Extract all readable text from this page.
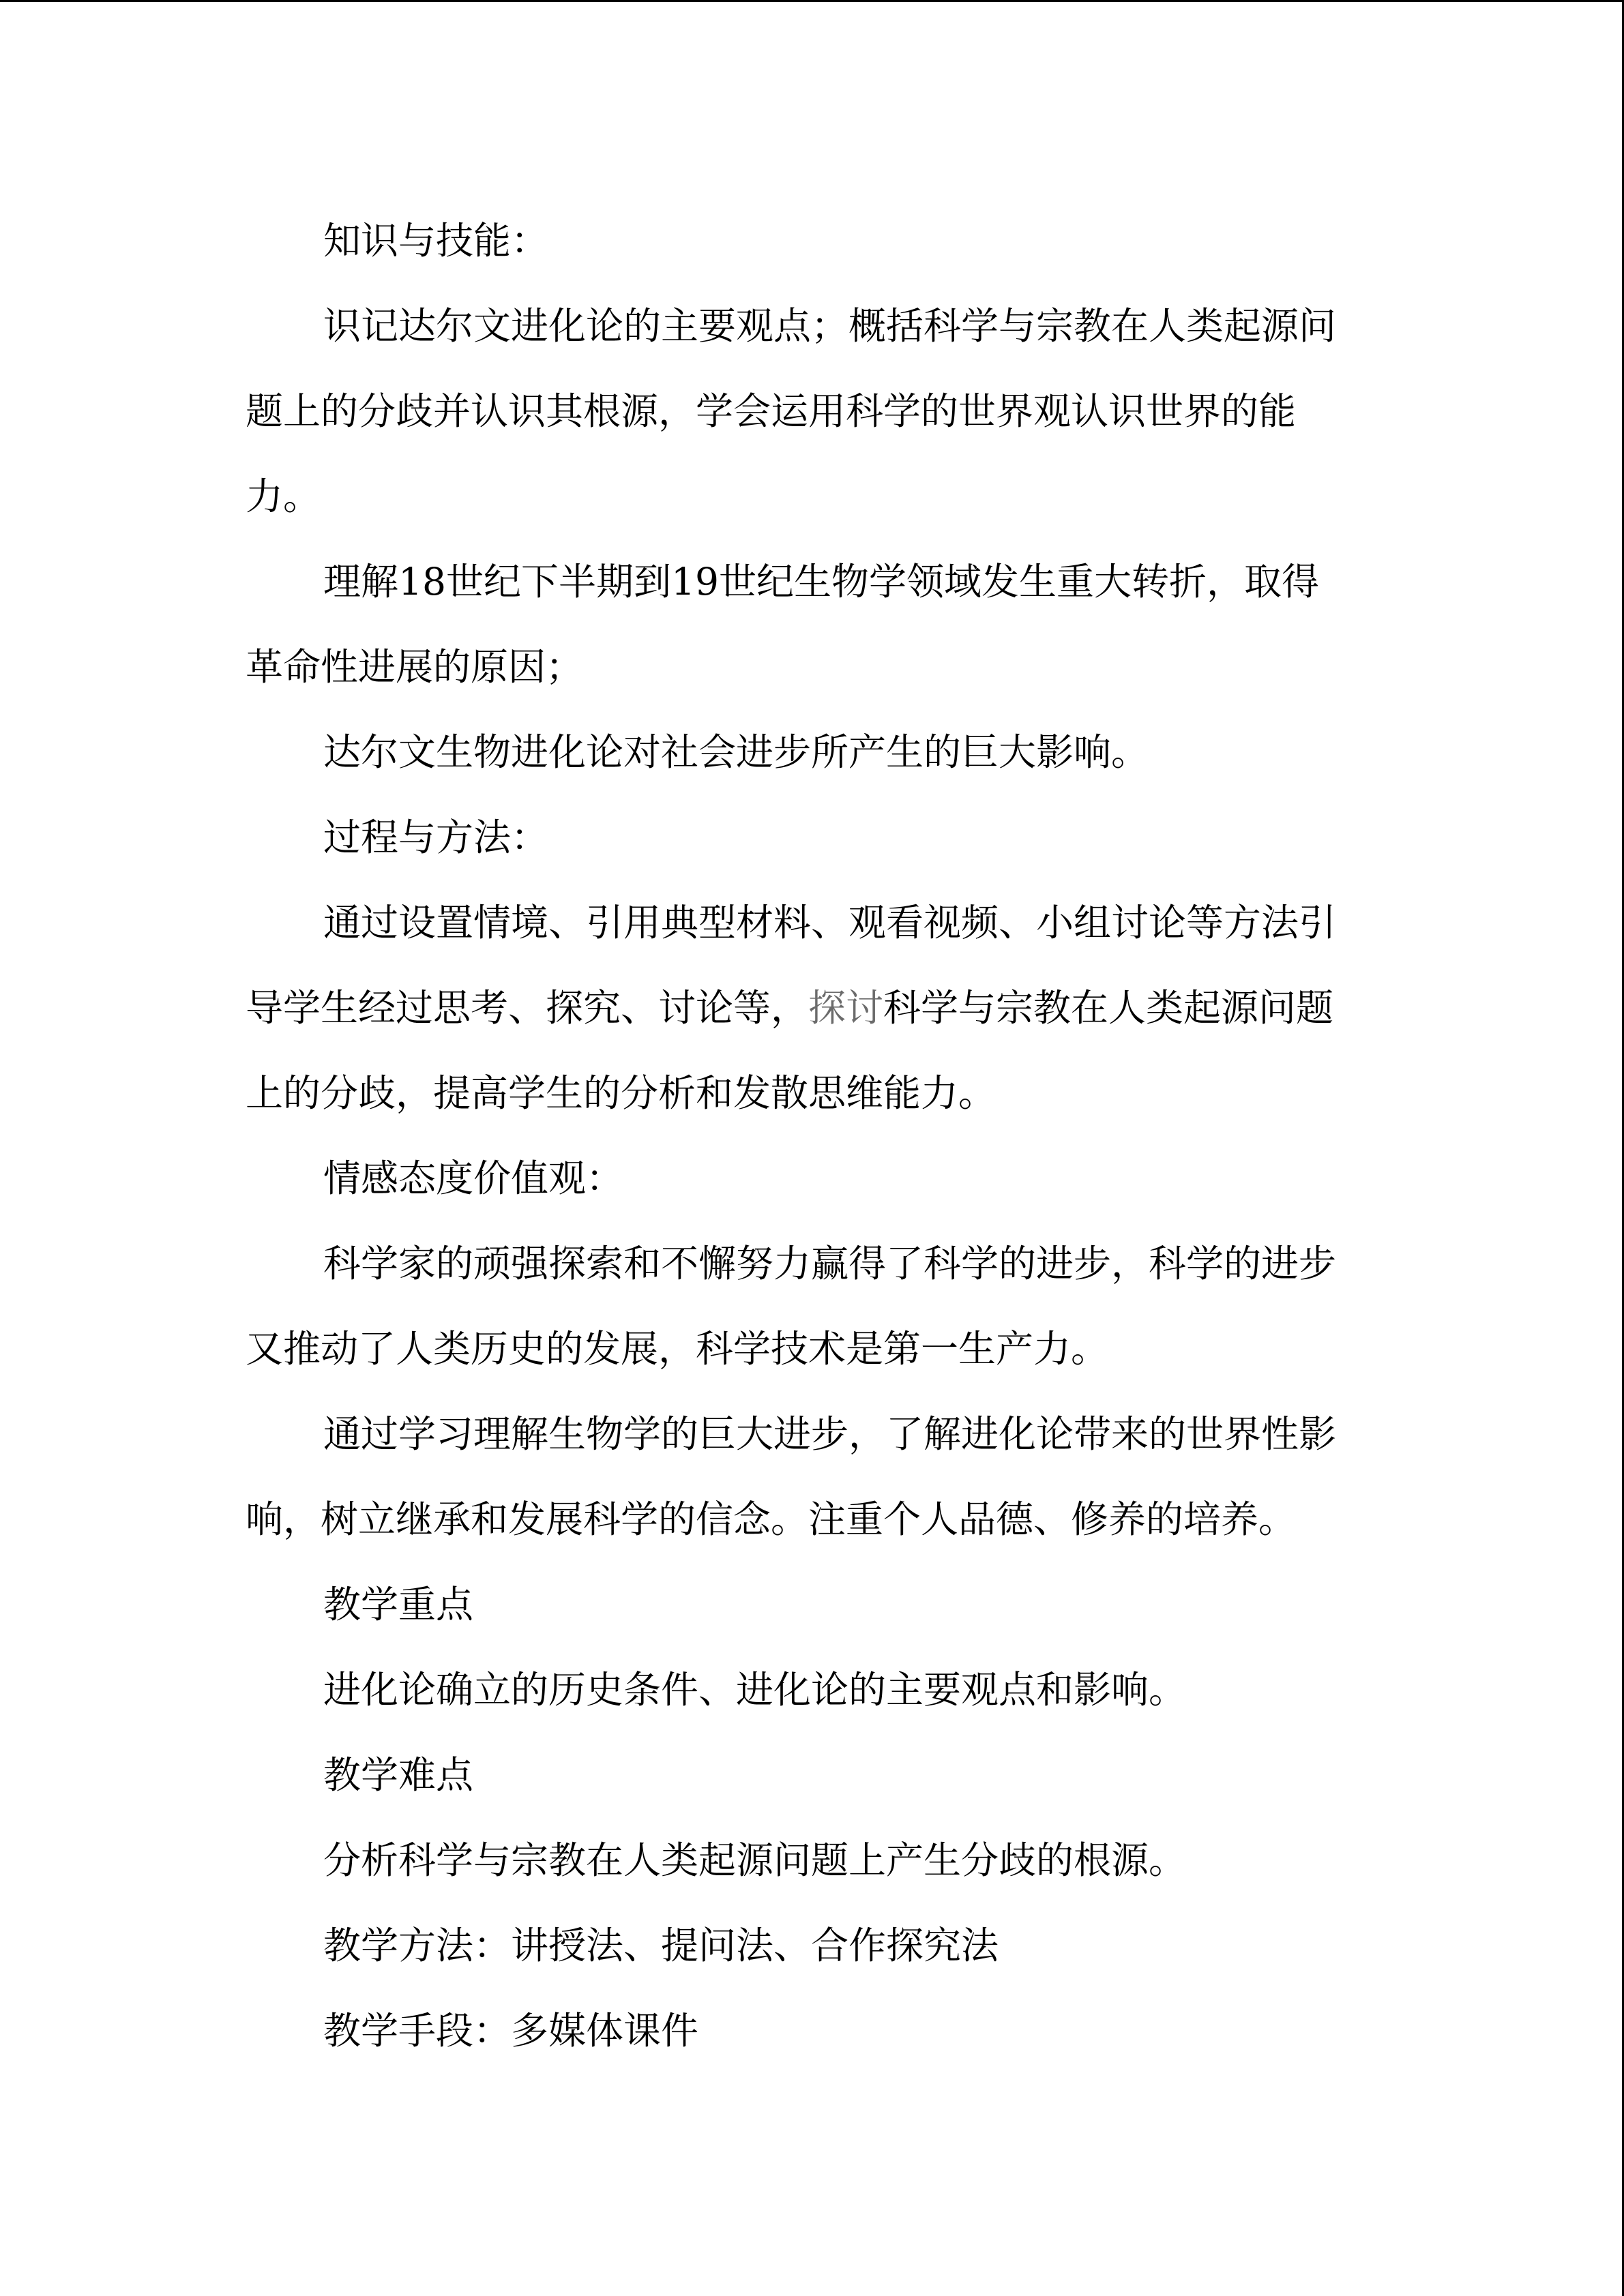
知识与技能：

识记达尔文进化论的主要观点；概括科学与宗教在人类起源问题上的分歧并认识其根源，学会运用科学的世界观认识世界的能力。

理解18世纪下半期到19世纪生物学领域发生重大转折，取得革命性进展的原因；

达尔文生物进化论对社会进步所产生的巨大影响。

过程与方法：

通过设置情境、引用典型材料、观看视频、小组讨论等方法引导学生经过思考、探究、讨论等，探讨科学与宗教在人类起源问题上的分歧，提高学生的分析和发散思维能力。

情感态度价值观：

科学家的顽强探索和不懈努力赢得了科学的进步，科学的进步又推动了人类历史的发展，科学技术是第一生产力。

通过学习理解生物学的巨大进步，了解进化论带来的世界性影响，树立继承和发展科学的信念。注重个人品德、修养的培养。

教学重点

进化论确立的历史条件、进化论的主要观点和影响。

教学难点

分析科学与宗教在人类起源问题上产生分歧的根源。

教学方法：讲授法、提问法、合作探究法

教学手段：多媒体课件
